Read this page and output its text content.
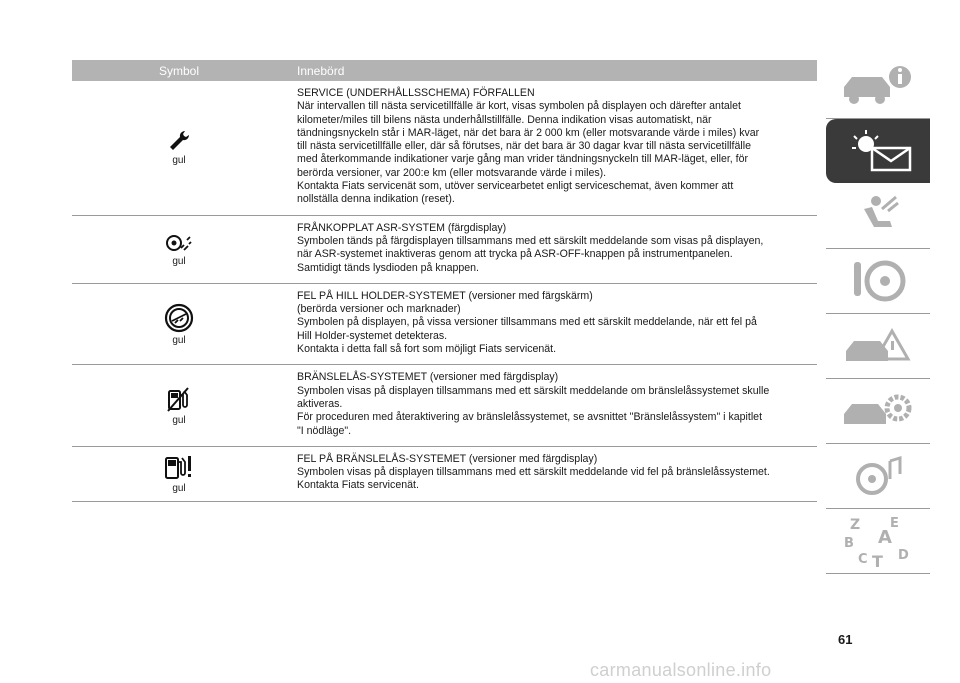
Symbol	Innebörd
gul
SERVICE (UNDERHÅLLSSCHEMA) FÖRFALLEN
När intervallen till nästa servicetillfälle är kort, visas symbolen på displayen och därefter antalet
kilometer/miles till bilens nästa underhållstillfälle. Denna indikation visas automatiskt, när
tändningsnyckeln står i MAR-läget, när det bara är 2 000 km (eller motsvarande värde i miles) kvar
till nästa servicetillfälle eller, där så förutses, när det bara är 30 dagar kvar till nästa servicetillfälle
med återkommande indikationer varje gång man vrider tändningsnyckeln till MAR-läget, eller, för
berörda versioner, var 200:e km (eller motsvarande värde i miles).
Kontakta Fiats servicenät som, utöver servicearbetet enligt serviceschemat, även kommer att
nollställa denna indikation (reset).
gul
FRÅNKOPPLAT ASR-SYSTEM (färgdisplay)
Symbolen tänds på färgdisplayen tillsammans med ett särskilt meddelande som visas på displayen,
när ASR-systemet inaktiveras genom att trycka på ASR-OFF-knappen på instrumentpanelen.
Samtidigt tänds lysdioden på knappen.
gul
FEL PÅ HILL HOLDER-SYSTEMET (versioner med färgskärm)
(berörda versioner och marknader)
Symbolen på displayen, på vissa versioner tillsammans med ett särskilt meddelande, när ett fel på
Hill Holder-systemet detekteras.
Kontakta i detta fall så fort som möjligt Fiats servicenät.
gul
BRÄNSLELÅS-SYSTEMET (versioner med färgdisplay)
Symbolen visas på displayen tillsammans med ett särskilt meddelande om bränslelåssystemet skulle
aktiveras.
För proceduren med återaktivering av bränslelåssystemet, se avsnittet "Bränslelåssystem" i kapitlet
"I nödläge".
gul
FEL PÅ BRÄNSLELÅS-SYSTEMET (versioner med färgdisplay)
Symbolen visas på displayen tillsammans med ett särskilt meddelande vid fel på bränslelåssystemet.
Kontakta Fiats servicenät.
Z E
A
B
C T D
61
carmanualsonline.info
